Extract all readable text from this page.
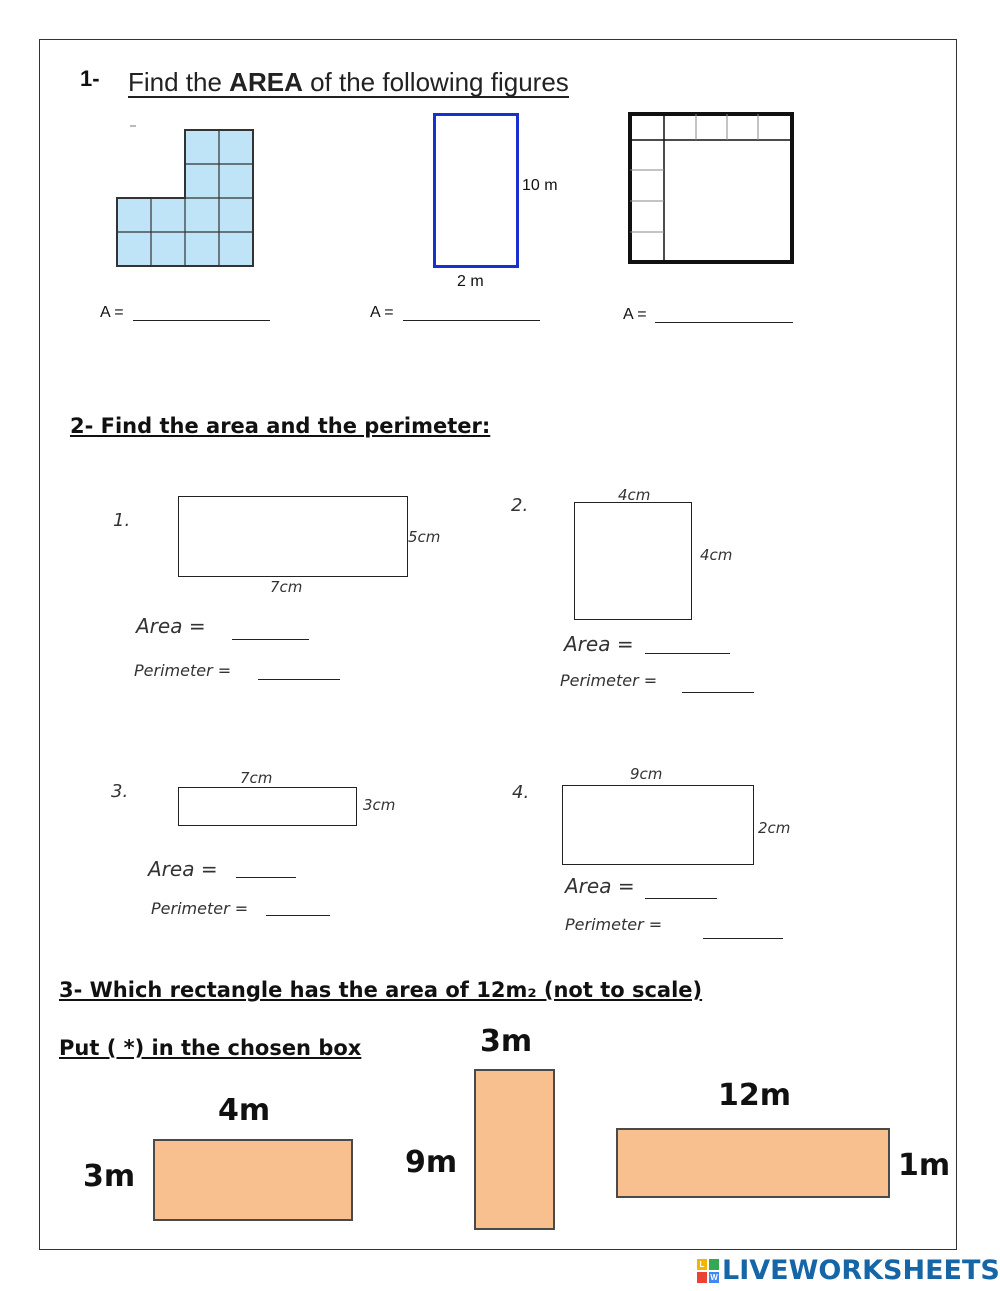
1- Find the AREA of the following figures
10 m
2 m
A =	A =	A =
2- Find the area and the perimeter:
1.
5cm
7cm
Area =
Perimeter =
2.	4cm
4cm
Area =
Perimeter =
3.
7cm
3cm
Area =
Perimeter =
4.
9cm
2cm
Area =
Perimeter =
3- Which rectangle has the area of 12m₂ (not to scale)
Put ( *) in the chosen box
4m
3m
3m
9m
12m
1m
L
W LIVEWORKSHEETS
